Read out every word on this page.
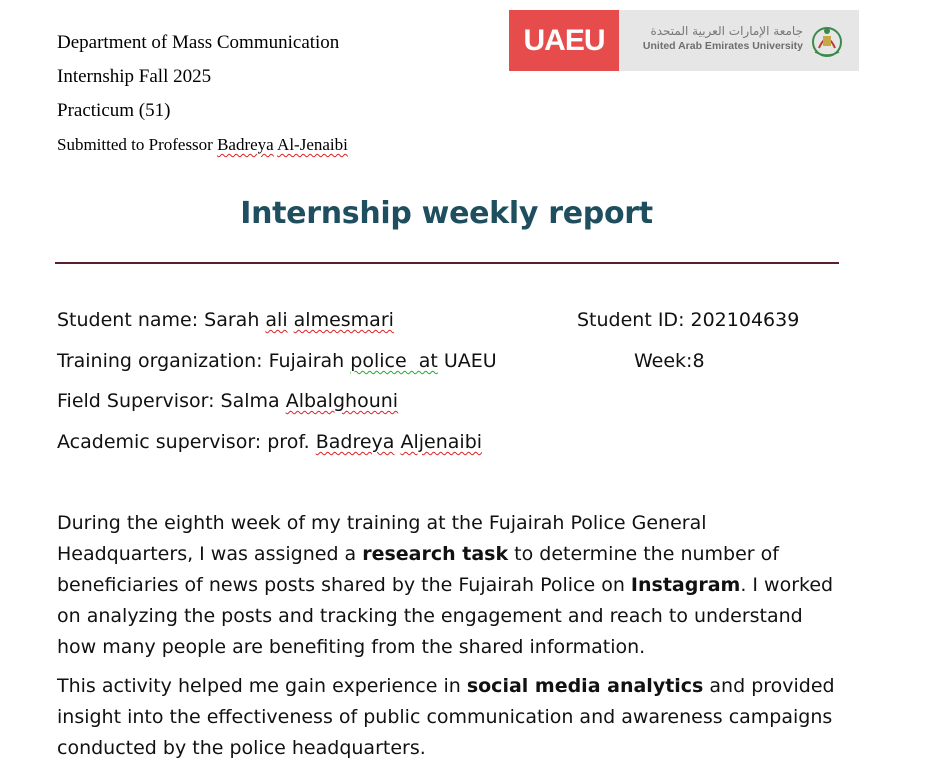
Department of Mass Communication
Internship Fall 2025
Practicum (51)
Submitted to Professor Badreya Al-Jenaibi
UAEU	جامعة الإمارات العربية المتحدة
United Arab Emirates University
Internship weekly report
Student name: Sarah ali almesmari	Student ID: 202104639
Training organization: Fujairah police  at UAEU	Week:8
Field Supervisor: Salma Albalghouni
Academic supervisor: prof. Badreya Aljenaibi
During the eighth week of my training at the Fujairah Police General
Headquarters, I was assigned a research task to determine the number of
beneficiaries of news posts shared by the Fujairah Police on Instagram. I worked
on analyzing the posts and tracking the engagement and reach to understand
how many people are benefiting from the shared information.
This activity helped me gain experience in social media analytics and provided
insight into the effectiveness of public communication and awareness campaigns
conducted by the police headquarters.
